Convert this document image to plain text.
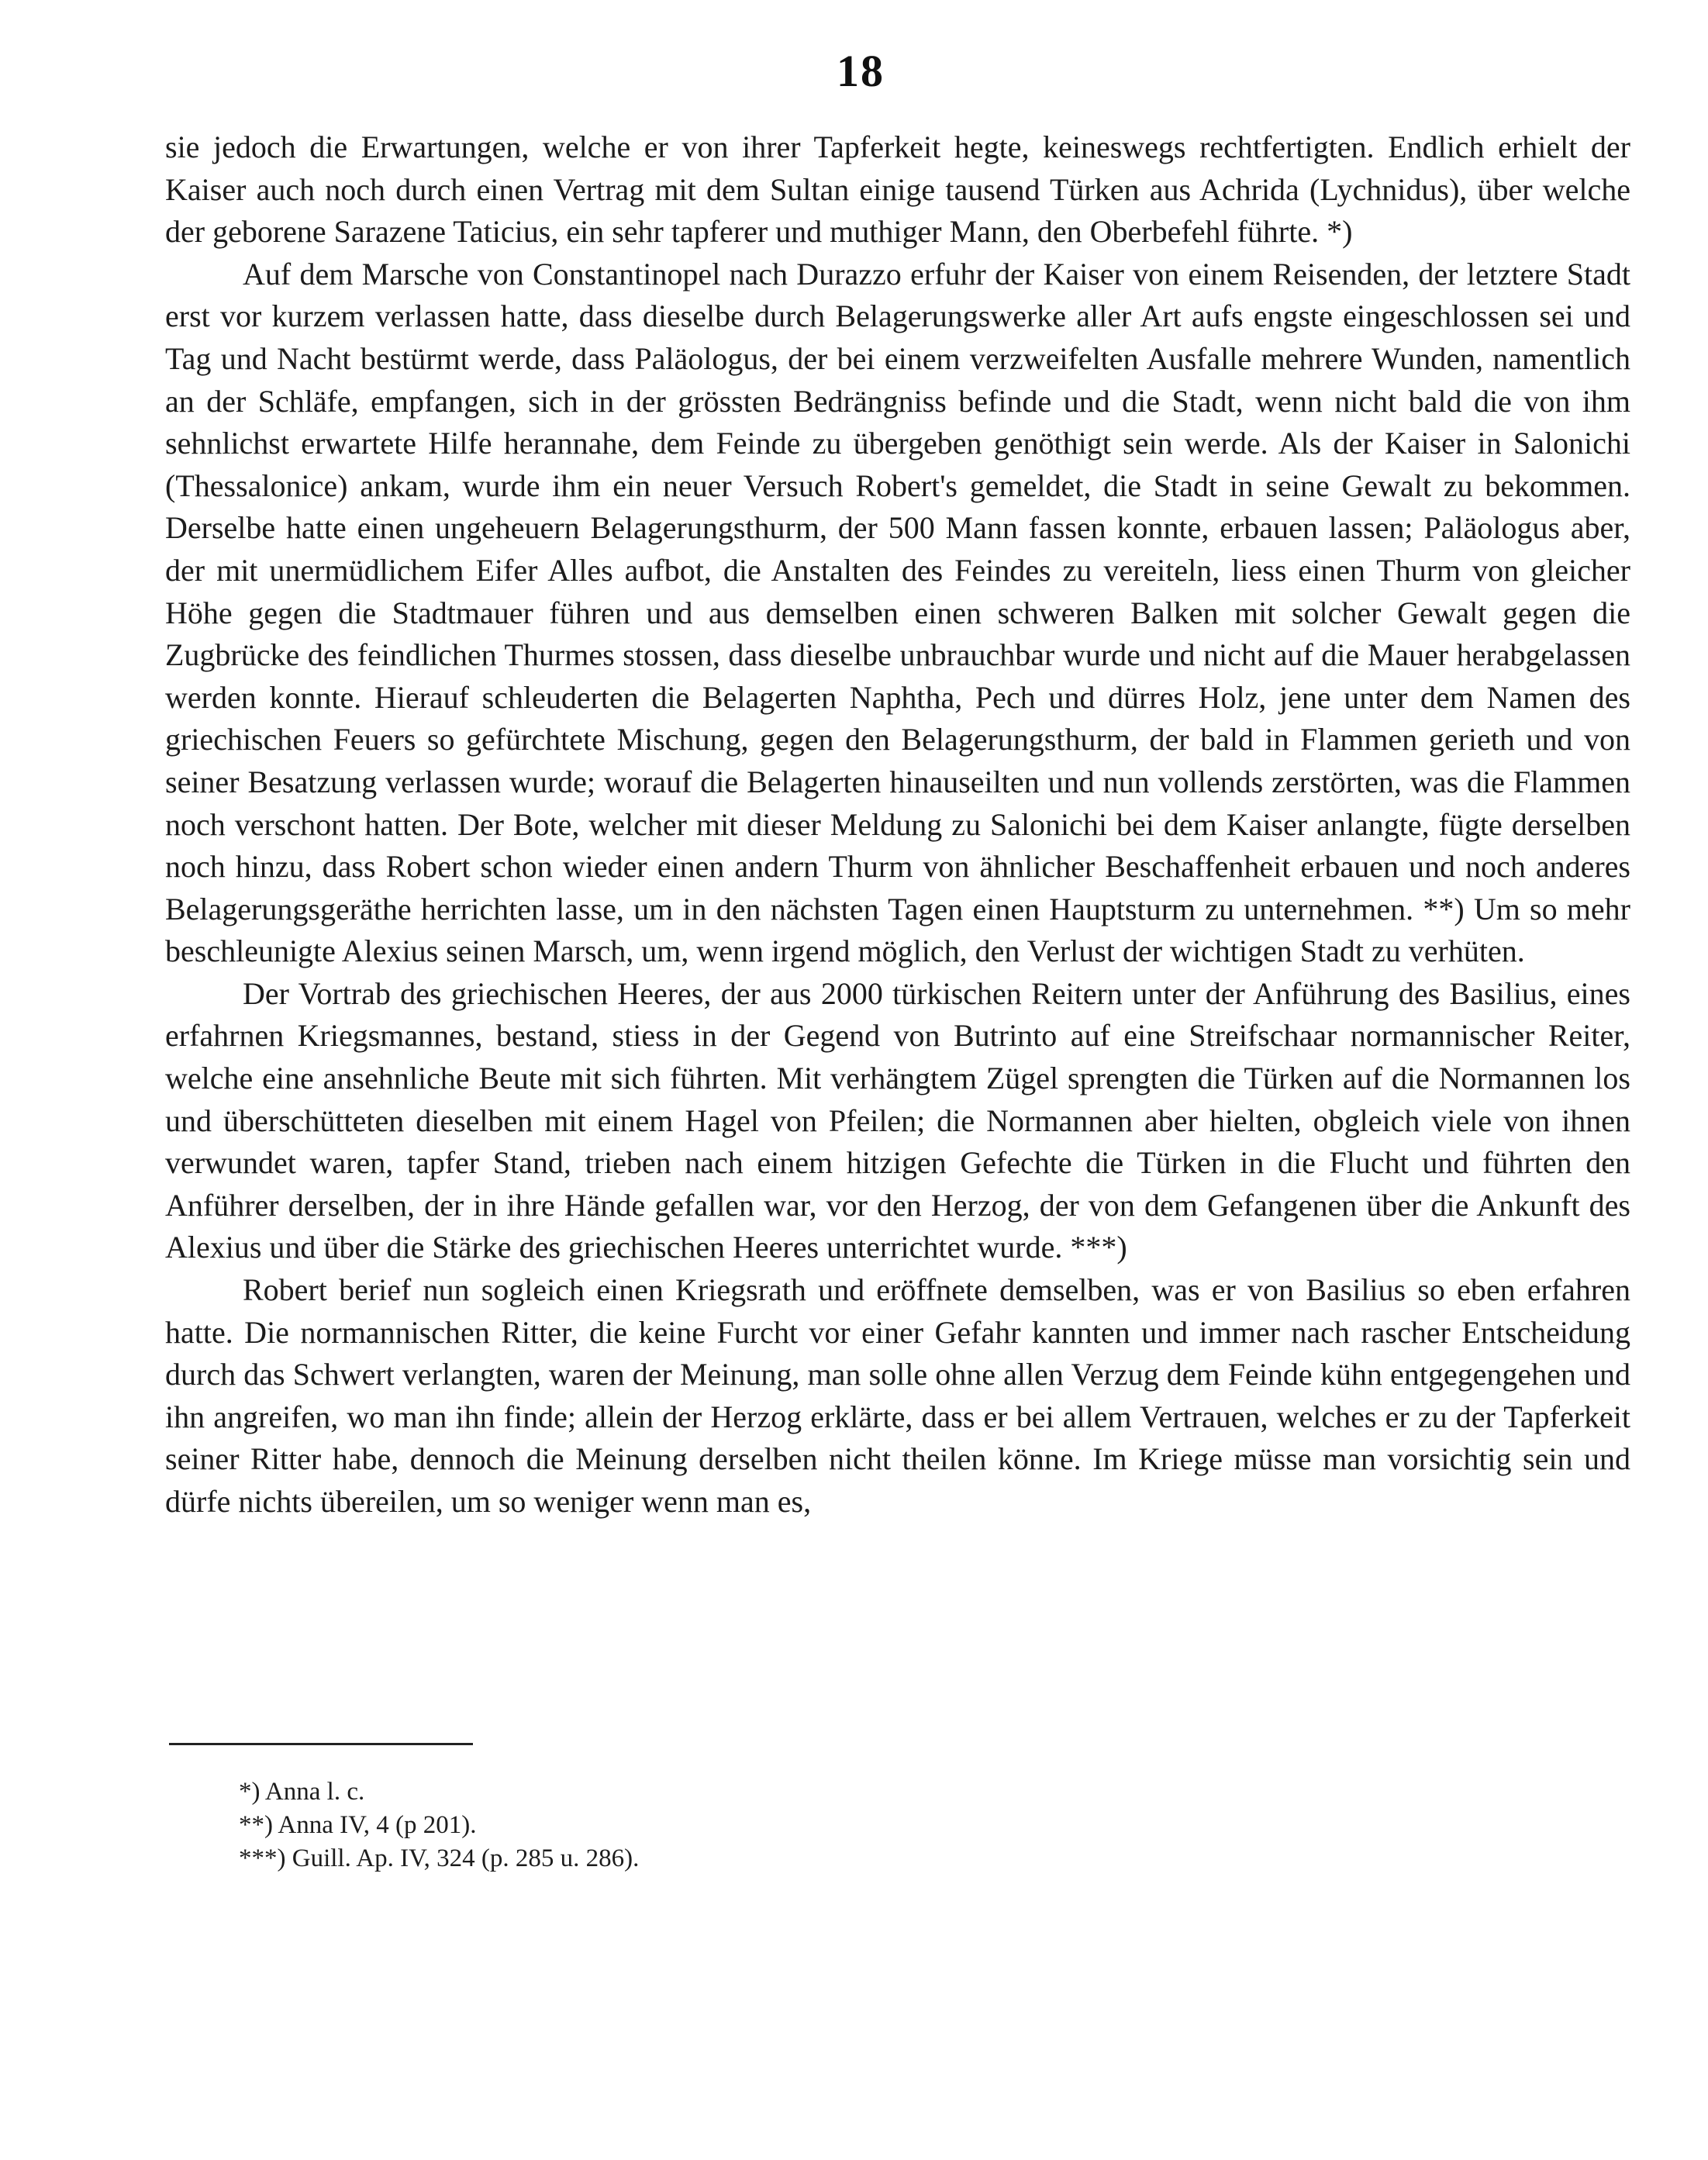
18

sie jedoch die Erwartungen, welche er von ihrer Tapferkeit hegte, keineswegs rechtfertigten. Endlich erhielt der Kaiser auch noch durch einen Vertrag mit dem Sultan einige tausend Türken aus Achrida (Lychnidus), über welche der geborene Sarazene Taticius, ein sehr tapferer und muthiger Mann, den Oberbefehl führte. *)

Auf dem Marsche von Constantinopel nach Durazzo erfuhr der Kaiser von einem Reisenden, der letztere Stadt erst vor kurzem verlassen hatte, dass dieselbe durch Belagerungswerke aller Art aufs engste eingeschlossen sei und Tag und Nacht bestürmt werde, dass Paläologus, der bei einem verzweifelten Ausfalle mehrere Wunden, namentlich an der Schläfe, empfangen, sich in der grössten Bedrängniss befinde und die Stadt, wenn nicht bald die von ihm sehnlichst erwartete Hilfe herannahe, dem Feinde zu übergeben genöthigt sein werde. Als der Kaiser in Salonichi (Thessalonice) ankam, wurde ihm ein neuer Versuch Robert's gemeldet, die Stadt in seine Gewalt zu bekommen. Derselbe hatte einen ungeheuern Belagerungsthurm, der 500 Mann fassen konnte, erbauen lassen; Paläologus aber, der mit unermüdlichem Eifer Alles aufbot, die Anstalten des Feindes zu vereiteln, liess einen Thurm von gleicher Höhe gegen die Stadtmauer führen und aus demselben einen schweren Balken mit solcher Gewalt gegen die Zugbrücke des feindlichen Thurmes stossen, dass dieselbe unbrauchbar wurde und nicht auf die Mauer herabgelassen werden konnte. Hierauf schleuderten die Belagerten Naphtha, Pech und dürres Holz, jene unter dem Namen des griechischen Feuers so gefürchtete Mischung, gegen den Belagerungsthurm, der bald in Flammen gerieth und von seiner Besatzung verlassen wurde; worauf die Belagerten hinauseilten und nun vollends zerstörten, was die Flammen noch verschont hatten. Der Bote, welcher mit dieser Meldung zu Salonichi bei dem Kaiser anlangte, fügte derselben noch hinzu, dass Robert schon wieder einen andern Thurm von ähnlicher Beschaffenheit erbauen und noch anderes Belagerungsgeräthe herrichten lasse, um in den nächsten Tagen einen Hauptsturm zu unternehmen. **) Um so mehr beschleunigte Alexius seinen Marsch, um, wenn irgend möglich, den Verlust der wichtigen Stadt zu verhüten.

Der Vortrab des griechischen Heeres, der aus 2000 türkischen Reitern unter der Anführung des Basilius, eines erfahrnen Kriegsmannes, bestand, stiess in der Gegend von Butrinto auf eine Streifschaar normannischer Reiter, welche eine ansehnliche Beute mit sich führten. Mit verhängtem Zügel sprengten die Türken auf die Normannen los und überschütteten dieselben mit einem Hagel von Pfeilen; die Normannen aber hielten, obgleich viele von ihnen verwundet waren, tapfer Stand, trieben nach einem hitzigen Gefechte die Türken in die Flucht und führten den Anführer derselben, der in ihre Hände gefallen war, vor den Herzog, der von dem Gefangenen über die Ankunft des Alexius und über die Stärke des griechischen Heeres unterrichtet wurde. ***)

Robert berief nun sogleich einen Kriegsrath und eröffnete demselben, was er von Basilius so eben erfahren hatte. Die normannischen Ritter, die keine Furcht vor einer Gefahr kannten und immer nach rascher Entscheidung durch das Schwert verlangten, waren der Meinung, man solle ohne allen Verzug dem Feinde kühn entgegengehen und ihn angreifen, wo man ihn finde; allein der Herzog erklärte, dass er bei allem Vertrauen, welches er zu der Tapferkeit seiner Ritter habe, dennoch die Meinung derselben nicht theilen könne. Im Kriege müsse man vorsichtig sein und dürfe nichts übereilen, um so weniger wenn man es,

*) Anna l. c.

**) Anna IV, 4 (p 201).

***) Guill. Ap. IV, 324 (p. 285 u. 286).
